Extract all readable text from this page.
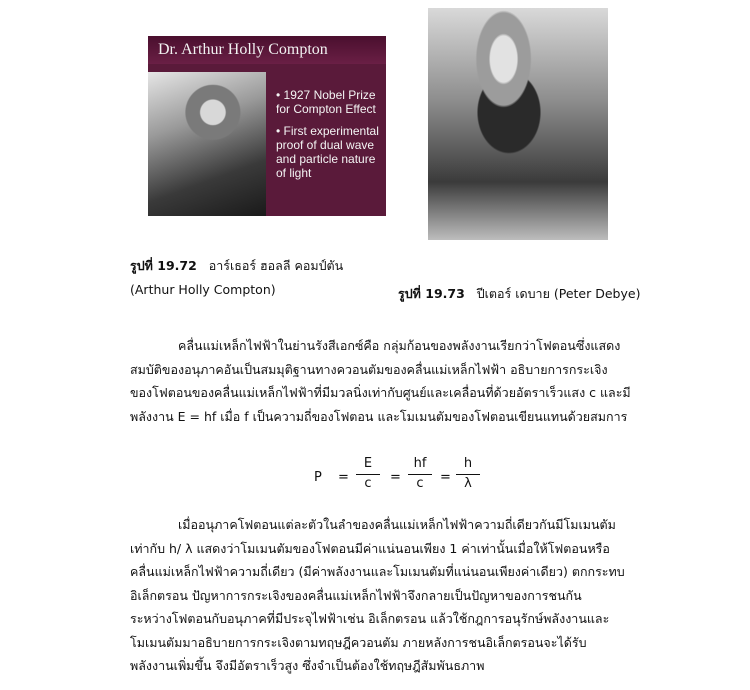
Dr. Arthur Holly Compton

• 1927 Nobel Prize for Compton Effect

• First experimental proof of dual wave and particle nature of light

รูปที่ 19.72 อาร์เธอร์ ฮอลลี คอมป์ตัน
(Arthur Holly Compton)	รูปที่ 19.73 ปีเตอร์ เดบาย (Peter Debye)
คลื่นแม่เหล็กไฟฟ้าในย่านรังสีเอกซ์คือ กลุ่มก้อนของพลังงานเรียกว่าโฟตอนซึ่งแสดง
สมบัติของอนุภาคอันเป็นสมมุติฐานทางควอนตัมของคลื่นแม่เหล็กไฟฟ้า อธิบายการกระเจิง
ของโฟตอนของคลื่นแม่เหล็กไฟฟ้าที่มีมวลนิ่งเท่ากับศูนย์และเคลื่อนที่ด้วยอัตราเร็วแสง c และมี
พลังงาน E = hf เมื่อ f เป็นความถี่ของโฟตอน และโมเมนตัมของโฟตอนเขียนแทนด้วยสมการ
$P = \frac{E}{c} = \frac{hf}{c} = \frac{h}{\lambda}$
เมื่ออนุภาคโฟตอนแต่ละตัวในลำของคลื่นแม่เหล็กไฟฟ้าความถี่เดียวกันมีโมเมนตัม
เท่ากับ h/ λ แสดงว่าโมเมนตัมของโฟตอนมีค่าแน่นอนเพียง 1 ค่าเท่านั้นเมื่อให้โฟตอนหรือ
คลื่นแม่เหล็กไฟฟ้าความถี่เดียว (มีค่าพลังงานและโมเมนตัมที่แน่นอนเพียงค่าเดียว) ตกกระทบ
อิเล็กตรอน ปัญหาการกระเจิงของคลื่นแม่เหล็กไฟฟ้าจึงกลายเป็นปัญหาของการชนกัน
ระหว่างโฟตอนกับอนุภาคที่มีประจุไฟฟ้าเช่น อิเล็กตรอน แล้วใช้กฎการอนุรักษ์พลังงานและ
โมเมนตัมมาอธิบายการกระเจิงตามทฤษฎีควอนตัม ภายหลังการชนอิเล็กตรอนจะได้รับ
พลังงานเพิ่มขึ้น จึงมีอัตราเร็วสูง ซึ่งจำเป็นต้องใช้ทฤษฎีสัมพันธภาพ
